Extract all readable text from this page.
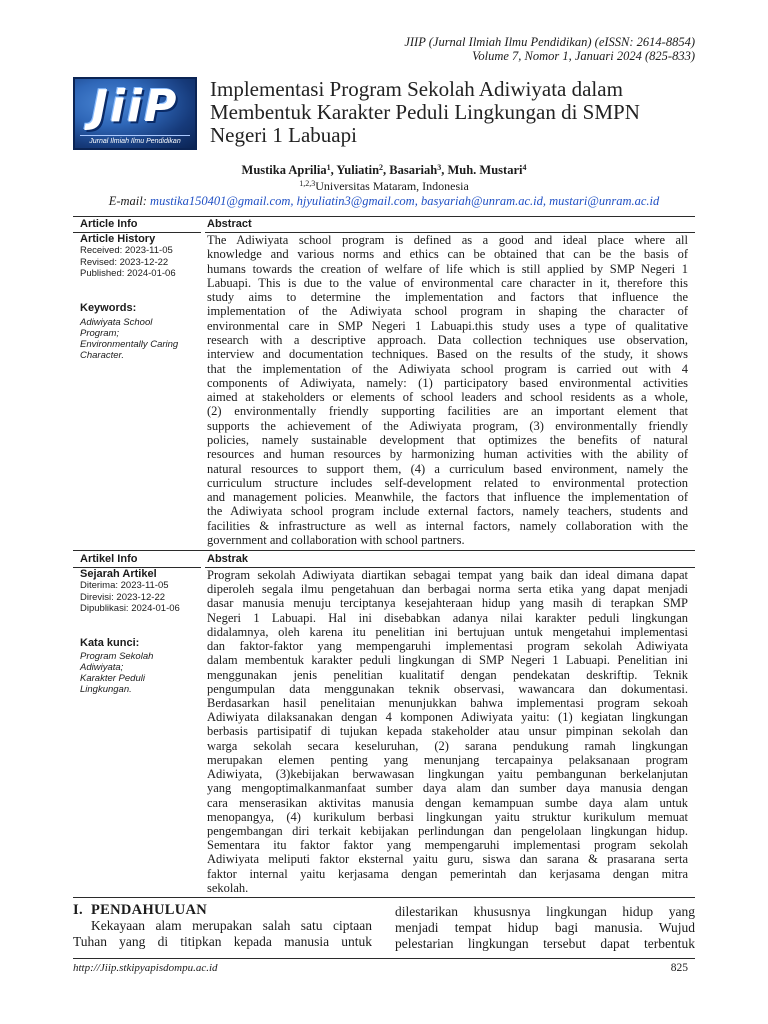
JIIP (Jurnal Ilmiah Ilmu Pendidikan) (eISSN: 2614-8854)
Volume 7, Nomor 1, Januari 2024 (825-833)
JiiP
Jurnal Ilmiah Ilmu Pendidikan
Implementasi Program Sekolah Adiwiyata dalam
Membentuk Karakter Peduli Lingkungan di SMPN
Negeri 1 Labuapi
Mustika Aprilia$^1$, Yuliatin$^2$, Basariah$^3$, Muh. Mustari$^4$
$^{1,2,3}$Universitas Mataram, Indonesia
E-mail: mustika150401@gmail.com, hjyuliatin3@gmail.com, basyariah@unram.ac.id, mustari@unram.ac.id
Article Info	Abstract
Article History
Received: 2023-11-05
Revised: 2023-12-22
Published: 2024-01-06
Keywords:
Adiwiyata School
Program;
Environmentally Caring
Character.
The Adiwiyata school program is defined as a good and ideal place where all
knowledge and various norms and ethics can be obtained that can be the basis of
humans towards the creation of welfare of life which is still applied by SMP Negeri 1
Labuapi. This is due to the value of environmental care character in it, therefore this
study aims to determine the implementation and factors that influence the
implementation of the Adiwiyata school program in shaping the character of
environmental care in SMP Negeri 1 Labuapi.this study uses a type of qualitative
research with a descriptive approach. Data collection techniques use observation,
interview and documentation techniques. Based on the results of the study, it shows
that the implementation of the Adiwiyata school program is carried out with 4
components of Adiwiyata, namely: (1) participatory based environmental activities
aimed at stakeholders or elements of school leaders and school residents as a whole,
(2) environmentally friendly supporting facilities are an important element that
supports the achievement of the Adiwiyata program, (3) environmentally friendly
policies, namely sustainable development that optimizes the benefits of natural
resources and human resources by harmonizing human activities with the ability of
natural resources to support them, (4) a curriculum based environment, namely the
curriculum structure includes self-development related to environmental protection
and management policies. Meanwhile, the factors that influence the implementation of
the Adiwiyata school program include external factors, namely teachers, students and
facilities & infrastructure as well as internal factors, namely collaboration with the
government and collaboration with school partners.
Artikel Info	Abstrak
Sejarah Artikel
Diterima: 2023-11-05
Direvisi: 2023-12-22
Dipublikasi: 2024-01-06
Kata kunci:
Program Sekolah
Adiwiyata;
Karakter Peduli
Lingkungan.
Program sekolah Adiwiyata diartikan sebagai tempat yang baik dan ideal dimana dapat
diperoleh segala ilmu pengetahuan dan berbagai norma serta etika yang dapat menjadi
dasar manusia menuju terciptanya kesejahteraan hidup yang masih di terapkan SMP
Negeri 1 Labuapi. Hal ini disebabkan adanya nilai karakter peduli lingkungan
didalamnya, oleh karena itu penelitian ini bertujuan untuk mengetahui implementasi
dan faktor-faktor yang mempengaruhi implementasi program sekolah Adiwiyata
dalam membentuk karakter peduli lingkungan di SMP Negeri 1 Labuapi. Penelitian ini
menggunakan jenis penelitian kualitatif dengan pendekatan deskriftip. Teknik
pengumpulan data menggunakan teknik observasi, wawancara dan dokumentasi.
Berdasarkan hasil penelitaian menunjukkan bahwa implementasi program sekoah
Adiwiyata dilaksanakan dengan 4 komponen Adiwiyata yaitu: (1) kegiatan lingkungan
berbasis partisipatif di tujukan kepada stakeholder atau unsur pimpinan sekolah dan
warga sekolah secara keseluruhan, (2) sarana pendukung ramah lingkungan
merupakan elemen penting yang menunjang tercapainya pelaksanaan program
Adiwiyata, (3)kebijakan berwawasan lingkungan yaitu pembangunan berkelanjutan
yang mengoptimalkanmanfaat sumber daya alam dan sumber daya manusia dengan
cara menserasikan aktivitas manusia dengan kemampuan sumbe daya alam untuk
menopangya, (4) kurikulum berbasi lingkungan yaitu struktur kurikulum memuat
pengembangan diri terkait kebijakan perlindungan dan pengelolaan lingkungan hidup.
Sementara itu faktor faktor yang mempengaruhi implementasi program sekolah
Adiwiyata meliputi faktor eksternal yaitu guru, siswa dan sarana & prasarana serta
faktor internal yaitu kerjasama dengan pemerintah dan kerjasama dengan mitra
sekolah.
I. PENDAHULUAN
Kekayaan alam merupakan salah satu ciptaan
Tuhan yang di titipkan kepada manusia untuk
dilestarikan khususnya lingkungan hidup yang
menjadi tempat hidup bagi manusia. Wujud
pelestarian lingkungan tersebut dapat terbentuk
http://Jiip.stkipyapisdompu.ac.id	825
